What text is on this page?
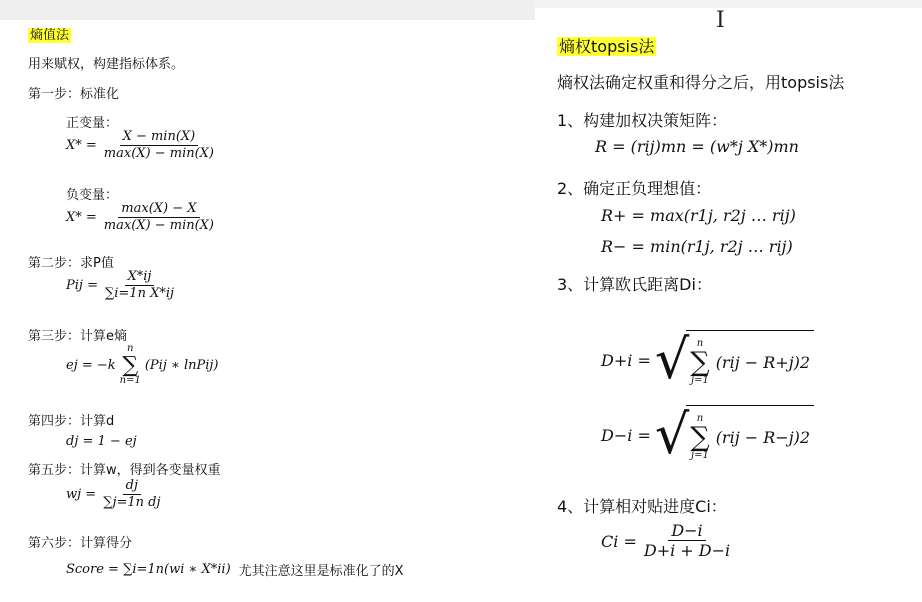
熵值法
用来赋权，构建指标体系。
第一步：标准化
正变量：
X* =
X − min(X)
max(X) − min(X)
负变量：
X* =
max(X) − X
max(X) − min(X)
第二步：求P值
Pij = $\frac{X*ij}{\text{∑i=1n X*ij}}$
第三步：计算e熵
ej = −k
n
∑
n=1
(Pij ∗ lnPij)
第四步：计算d
dj = 1 − ej
第五步：计算w，得到各变量权重
wj = $\frac{dj}{\text{∑j=1n dj}}$
第六步：计算得分
Score = ∑i=1n(wi ∗ X*ii) 尤其注意这里是标准化了的X
熵权topsis法
熵权法确定权重和得分之后，用topsis法
1、构建加权决策矩阵：
R = (rij)mn = (w*j X*)mn
2、确定正负理想值：
R+ = max(r1j, r2j … rij)
R− = min(r1j, r2j … rij)
3、计算欧氏距离Di：
D+i = √ n
∑
j=1
(rij − R+j)2
D−i = √ n
∑
j=1
(rij − R−j)2
4、计算相对贴进度Ci：
$Ci = \frac{D-i}{D+i + D-i}$
I
